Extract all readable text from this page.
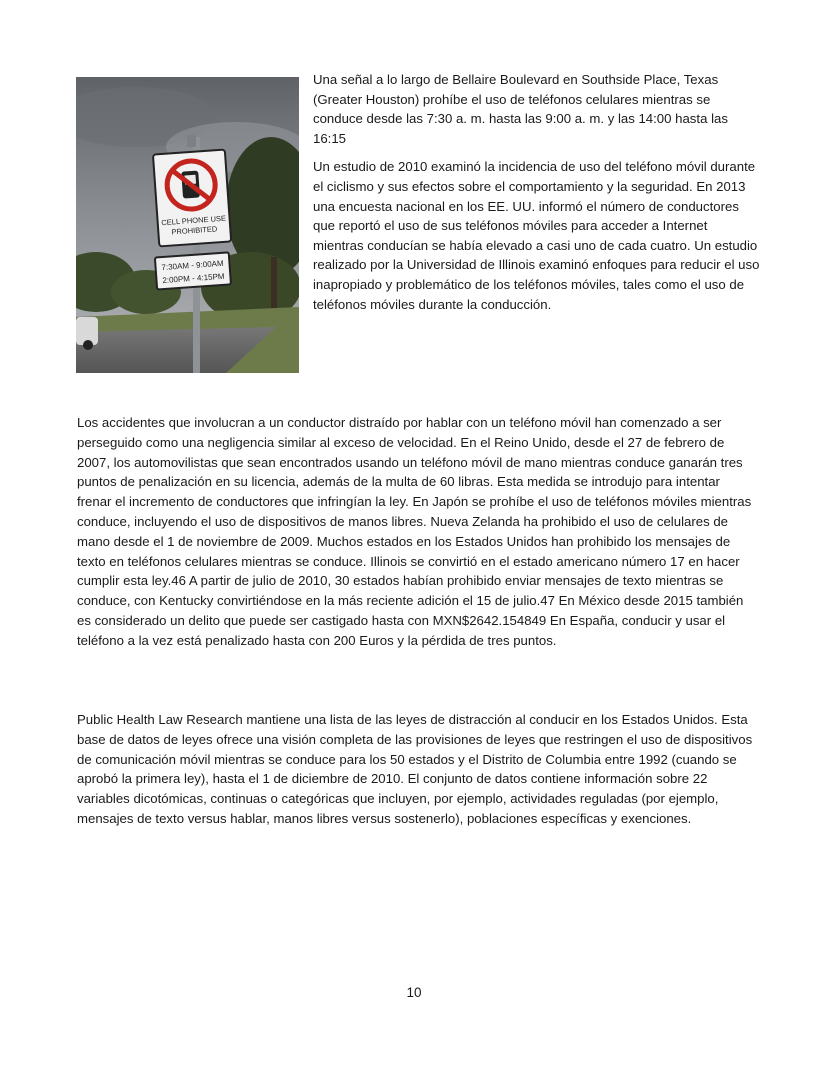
CELL PHONE USE
PROHIBITED
7:30AM - 9:00AM
2:00PM - 4:15PM

Una señal a lo largo de Bellaire Boulevard en Southside Place, Texas (Greater Houston) prohíbe el uso de teléfonos celulares mientras se conduce desde las 7:30 a. m. hasta las 9:00 a. m. y las 14:00 hasta las 16:15

Un estudio de 2010 examinó la incidencia de uso del teléfono móvil durante el ciclismo y sus efectos sobre el comportamiento y la seguridad. En 2013 una encuesta nacional en los EE. UU. informó el número de conductores que reportó el uso de sus teléfonos móviles para acceder a Internet mientras conducían se había elevado a casi uno de cada cuatro. Un estudio realizado por la Universidad de Illinois examinó enfoques para reducir el uso inapropiado y problemático de los teléfonos móviles, tales como el uso de teléfonos móviles durante la conducción.

Los accidentes que involucran a un conductor distraído por hablar con un teléfono móvil han comenzado a ser perseguido como una negligencia similar al exceso de velocidad. En el Reino Unido, desde el 27 de febrero de 2007, los automovilistas que sean encontrados usando un teléfono móvil de mano mientras conduce ganarán tres puntos de penalización en su licencia, además de la multa de 60 libras. Esta medida se introdujo para intentar frenar el incremento de conductores que infringían la ley. En Japón se prohíbe el uso de teléfonos móviles mientras conduce, incluyendo el uso de dispositivos de manos libres. Nueva Zelanda ha prohibido el uso de celulares de mano desde el 1 de noviembre de 2009. Muchos estados en los Estados Unidos han prohibido los mensajes de texto en teléfonos celulares mientras se conduce. Illinois se convirtió en el estado americano número 17 en hacer cumplir esta ley.46 A partir de julio de 2010, 30 estados habían prohibido enviar mensajes de texto mientras se conduce, con Kentucky convirtiéndose en la más reciente adición el 15 de julio.47 En México desde 2015 también es considerado un delito que puede ser castigado hasta con MXN$2642.154849 En España, conducir y usar el teléfono a la vez está penalizado hasta con 200 Euros y la pérdida de tres puntos.

Public Health Law Research mantiene una lista de las leyes de distracción al conducir en los Estados Unidos. Esta base de datos de leyes ofrece una visión completa de las provisiones de leyes que restringen el uso de dispositivos de comunicación móvil mientras se conduce para los 50 estados y el Distrito de Columbia entre 1992 (cuando se aprobó la primera ley), hasta el 1 de diciembre de 2010. El conjunto de datos contiene información sobre 22 variables dicotómicas, continuas o categóricas que incluyen, por ejemplo, actividades reguladas (por ejemplo, mensajes de texto versus hablar, manos libres versus sostenerlo), poblaciones específicas y exenciones.

10
